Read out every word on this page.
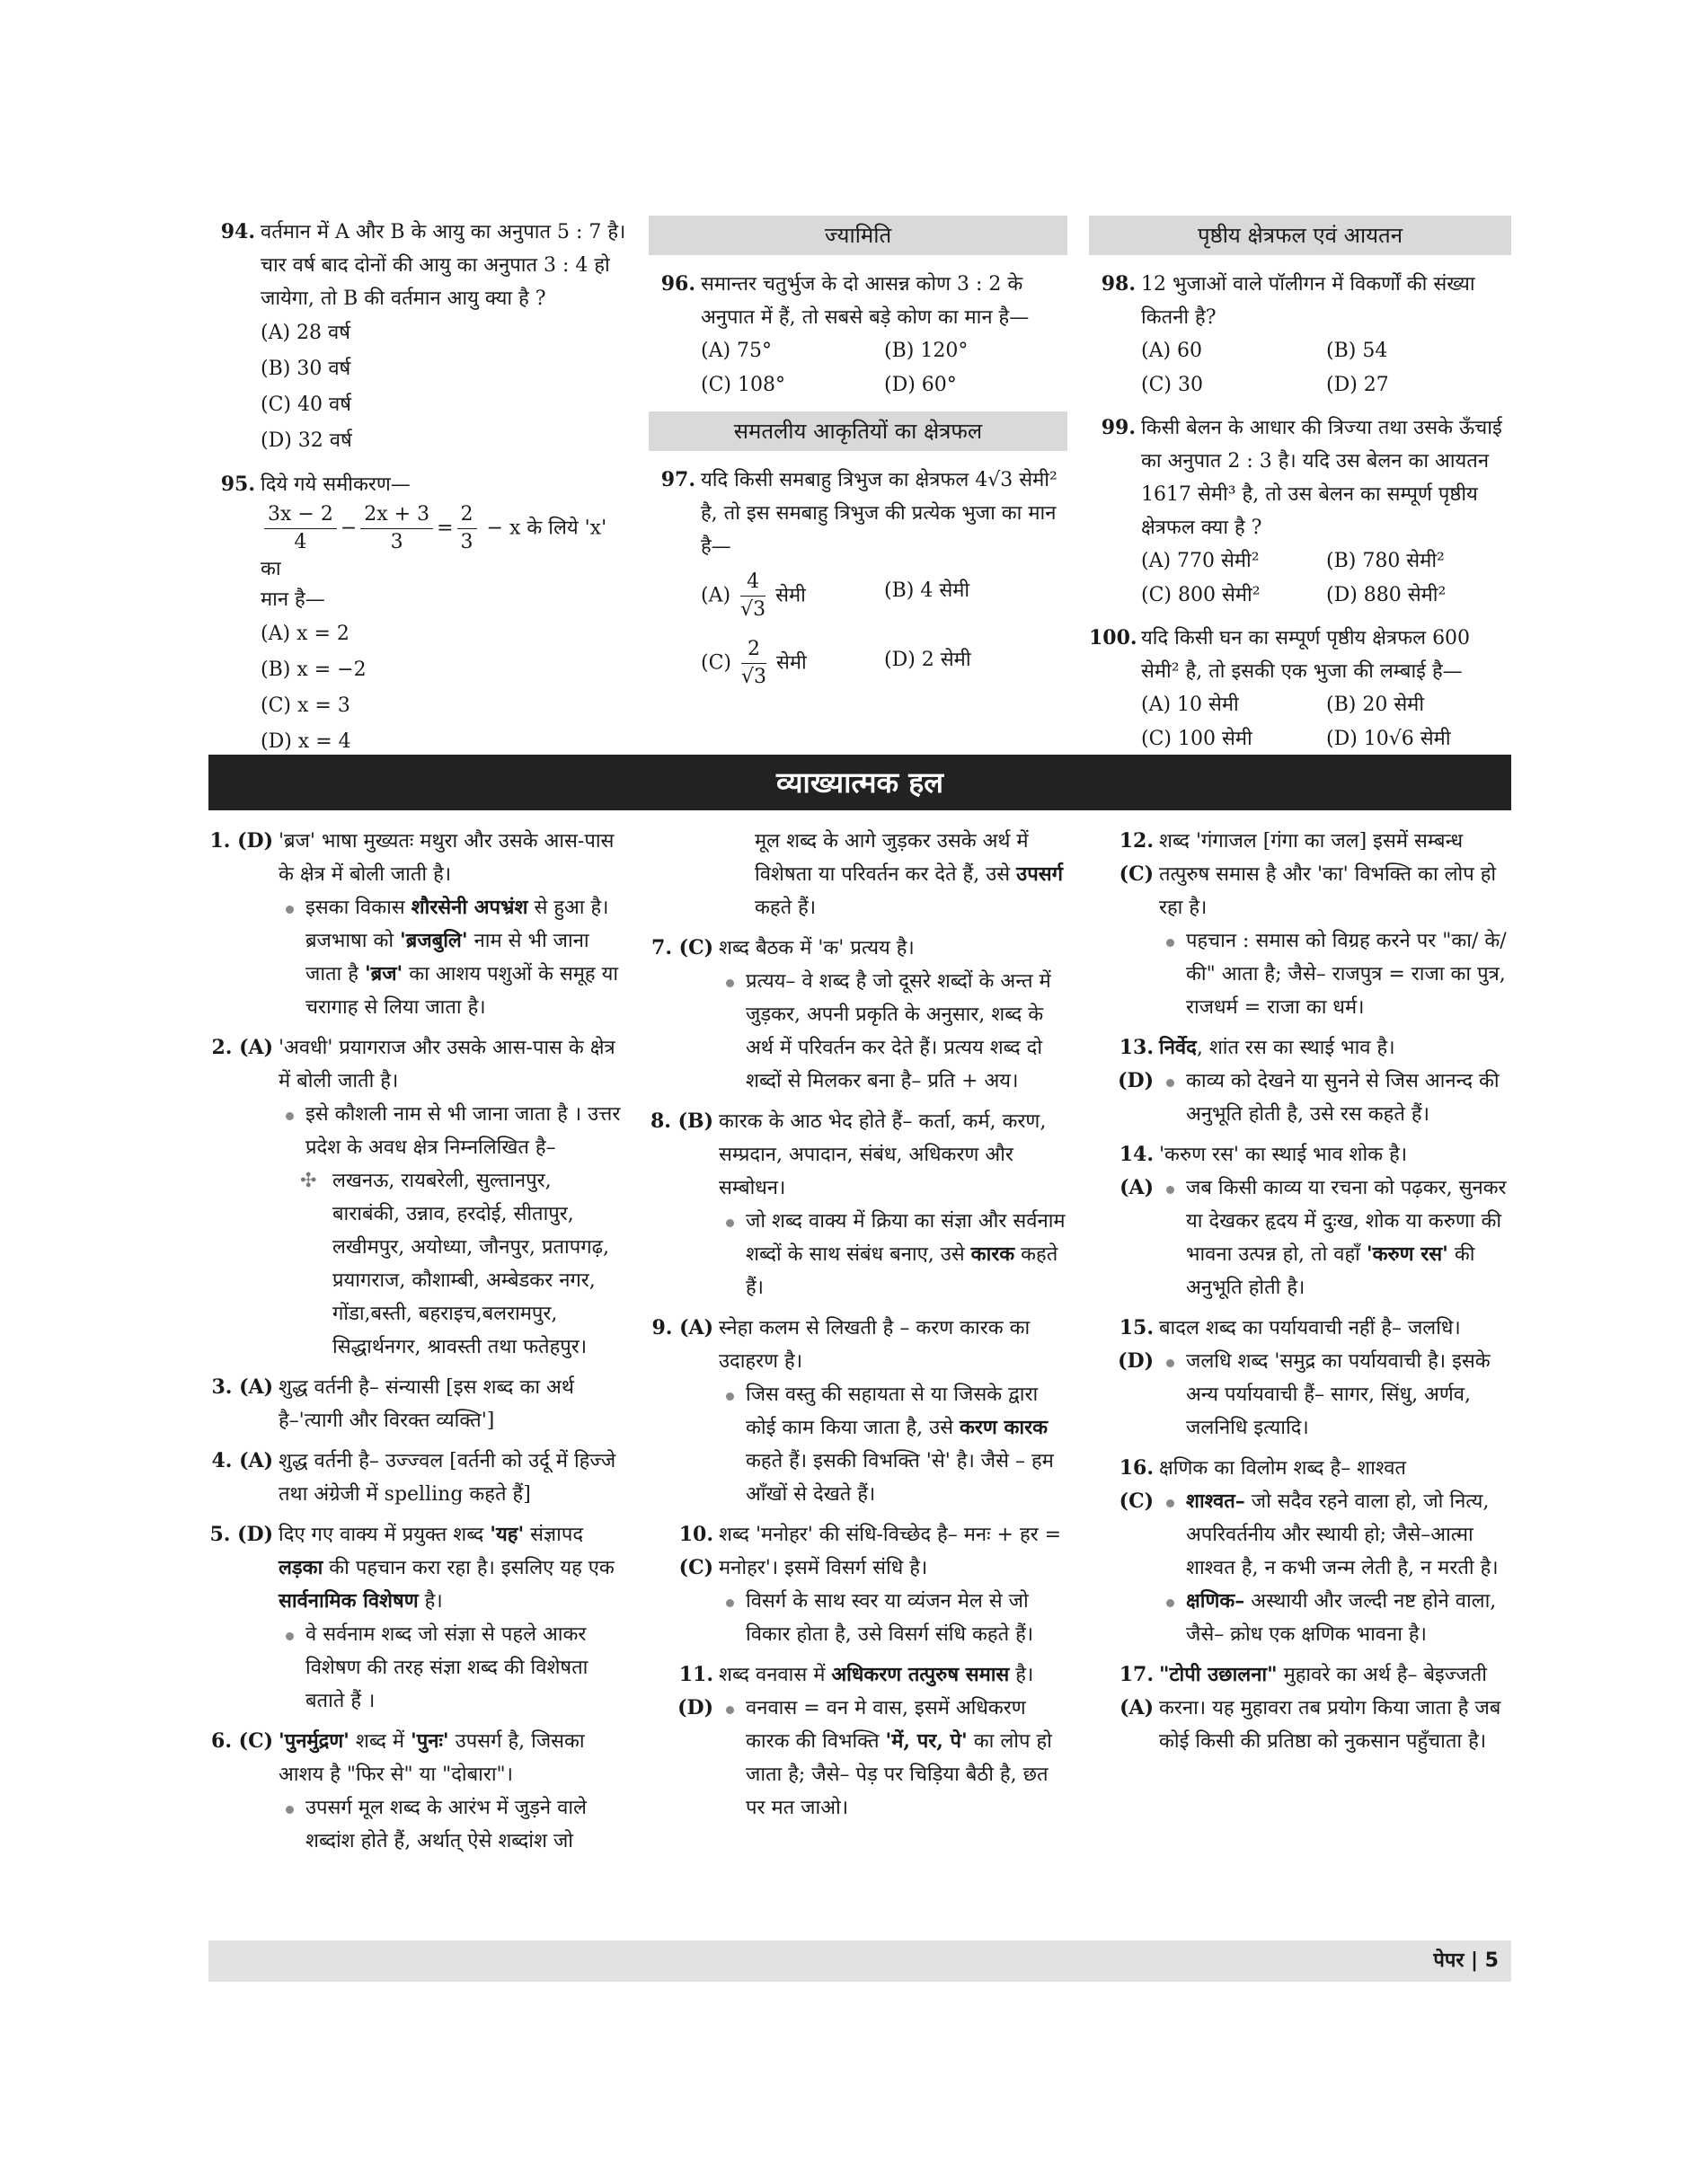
94. वर्तमान में A और B के आयु का अनुपात 5 : 7 है। चार वर्ष बाद दोनों की आयु का अनुपात 3 : 4 हो जायेगा, तो B की वर्तमान आयु क्या है ?
(A) 28 वर्ष
(B) 30 वर्ष
(C) 40 वर्ष
(D) 32 वर्ष
95. दिये गये समीकरण—
$\frac{3x - 2}{4} - \frac{2x + 3}{3} = \frac{2}{3} - x$ के लिये 'x' का
मान है—
(A) x = 2
(B) x = −2
(C) x = 3
(D) x = 4
ज्यामिति
96. समान्तर चतुर्भुज के दो आसन्न कोण 3 : 2 के अनुपात में हैं, तो सबसे बड़े कोण का मान है—
(A) 75°	(B) 120°
(C) 108°	(D) 60°
समतलीय आकृतियों का क्षेत्रफल
97. यदि किसी समबाहु त्रिभुज का क्षेत्रफल 4√3 सेमी² है, तो इस समबाहु त्रिभुज की प्रत्येक भुजा का मान है—
$(A) \frac{4}{√3}$ सेमी	(B) 4 सेमी
$(C) \frac{2}{√3}$ सेमी	(D) 2 सेमी
पृष्ठीय क्षेत्रफल एवं आयतन
98. 12 भुजाओं वाले पॉलीगन में विकर्णों की संख्या कितनी है?
(A) 60	(B) 54
(C) 30	(D) 27
99. किसी बेलन के आधार की त्रिज्या तथा उसके ऊँचाई का अनुपात 2 : 3 है। यदि उस बेलन का आयतन 1617 सेमी³ है, तो उस बेलन का सम्पूर्ण पृष्ठीय क्षेत्रफल क्या है ?
(A) 770 सेमी²	(B) 780 सेमी²
(C) 800 सेमी²	(D) 880 सेमी²
100. यदि किसी घन का सम्पूर्ण पृष्ठीय क्षेत्रफल 600 सेमी² है, तो इसकी एक भुजा की लम्बाई है—
(A) 10 सेमी	(B) 20 सेमी
(C) 100 सेमी	(D) 10√6 सेमी
व्याख्यात्मक हल
1. (D) 'ब्रज' भाषा मुख्यतः मथुरा और उसके आस-पास के क्षेत्र में बोली जाती है।
इसका विकास शौरसेनी अपभ्रंश से हुआ है। ब्रजभाषा को 'ब्रजबुलि' नाम से भी जाना जाता है 'ब्रज' का आशय पशुओं के समूह या चरागाह से लिया जाता है।
2. (A) 'अवधी' प्रयागराज और उसके आस-पास के क्षेत्र में बोली जाती है।
इसे कौशली नाम से भी जाना जाता है । उत्तर प्रदेश के अवध क्षेत्र निम्नलिखित है–
✣ लखनऊ, रायबरेली, सुल्तानपुर, बाराबंकी, उन्नाव, हरदोई, सीतापुर, लखीमपुर, अयोध्या, जौनपुर, प्रतापगढ़, प्रयागराज, कौशाम्बी, अम्बेडकर नगर, गोंडा,बस्ती, बहराइच,बलरामपुर, सिद्धार्थनगर, श्रावस्ती तथा फतेहपुर।
3. (A) शुद्ध वर्तनी है– संन्यासी [इस शब्द का अर्थ है–'त्यागी और विरक्त व्यक्ति']
4. (A) शुद्ध वर्तनी है– उज्ज्वल [वर्तनी को उर्दू में हिज्जे तथा अंग्रेजी में spelling कहते हैं]
5. (D) दिए गए वाक्य में प्रयुक्त शब्द 'यह' संज्ञापद लड़का की पहचान करा रहा है। इसलिए यह एक सार्वनामिक विशेषण है।
वे सर्वनाम शब्द जो संज्ञा से पहले आकर विशेषण की तरह संज्ञा शब्द की विशेषता बताते हैं ।
6. (C) 'पुनर्मुद्रण' शब्द में 'पुनः' उपसर्ग है, जिसका आशय है "फिर से" या "दोबारा"।
उपसर्ग मूल शब्द के आरंभ में जुड़ने वाले शब्दांश होते हैं, अर्थात् ऐसे शब्दांश जो
मूल शब्द के आगे जुड़कर उसके अर्थ में विशेषता या परिवर्तन कर देते हैं, उसे उपसर्ग कहते हैं।
7. (C) शब्द बैठक में 'क' प्रत्यय है।
प्रत्यय– वे शब्द है जो दूसरे शब्दों के अन्त में जुड़कर, अपनी प्रकृति के अनुसार, शब्द के अर्थ में परिवर्तन कर देते हैं। प्रत्यय शब्द दो शब्दों से मिलकर बना है– प्रति + अय।
8. (B) कारक के आठ भेद होते हैं– कर्ता, कर्म, करण, सम्प्रदान, अपादान, संबंध, अधिकरण और सम्बोधन।
जो शब्द वाक्य में क्रिया का संज्ञा और सर्वनाम शब्दों के साथ संबंध बनाए, उसे कारक कहते हैं।
9. (A) स्नेहा कलम से लिखती है – करण कारक का उदाहरण है।
जिस वस्तु की सहायता से या जिसके द्वारा कोई काम किया जाता है, उसे करण कारक कहते हैं। इसकी विभक्ति 'से' है। जैसे – हम आँखों से देखते हैं।
10. (C)
शब्द 'मनोहर' की संधि-विच्छेद है– मनः + हर = मनोहर'। इसमें विसर्ग संधि है।
विसर्ग के साथ स्वर या व्यंजन मेल से जो विकार होता है, उसे विसर्ग संधि कहते हैं।
11. (D)
शब्द वनवास में अधिकरण तत्पुरुष समास है।
वनवास = वन मे वास, इसमें अधिकरण कारक की विभक्ति 'में, पर, पे' का लोप हो जाता है; जैसे– पेड़ पर चिड़िया बैठी है, छत पर मत जाओ।
12. (C)
शब्द 'गंगाजल [गंगा का जल] इसमें सम्बन्ध तत्पुरुष समास है और 'का' विभक्ति का लोप हो रहा है।
पहचान : समास को विग्रह करने पर "का/ के/की" आता है; जैसे– राजपुत्र = राजा का पुत्र, राजधर्म = राजा का धर्म।
13. (D)
निर्वेद, शांत रस का स्थाई भाव है।
काव्य को देखने या सुनने से जिस आनन्द की अनुभूति होती है, उसे रस कहते हैं।
14. (A)
'करुण रस' का स्थाई भाव शोक है।
जब किसी काव्य या रचना को पढ़कर, सुनकर या देखकर हृदय में दुःख, शोक या करुणा की भावना उत्पन्न हो, तो वहाँ 'करुण रस' की अनुभूति होती है।
15. (D)
बादल शब्द का पर्यायवाची नहीं है– जलधि।
जलधि शब्द 'समुद्र का पर्यायवाची है। इसके अन्य पर्यायवाची हैं– सागर, सिंधु, अर्णव, जलनिधि इत्यादि।
16. (C)
क्षणिक का विलोम शब्द है– शाश्वत
शाश्वत– जो सदैव रहने वाला हो, जो नित्य, अपरिवर्तनीय और स्थायी हो; जैसे–आत्मा शाश्वत है, न कभी जन्म लेती है, न मरती है।
क्षणिक– अस्थायी और जल्दी नष्ट होने वाला, जैसे– क्रोध एक क्षणिक भावना है।
17. (A)
"टोपी उछालना" मुहावरे का अर्थ है– बेइज्जती करना। यह मुहावरा तब प्रयोग किया जाता है जब कोई किसी की प्रतिष्ठा को नुकसान पहुँचाता है।
पेपर | 5
